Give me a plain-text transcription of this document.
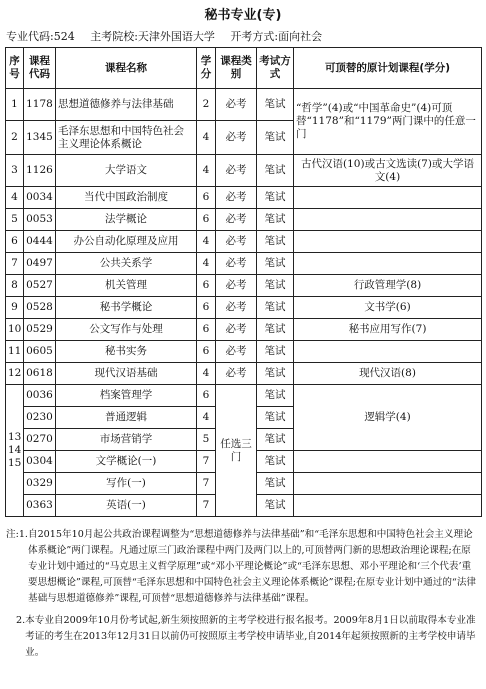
秘书专业(专)
专业代码:524 主考院校:天津外国语大学 开考方式:面向社会
序号	课程代码	课程名称	学分	课程类别	考试方式	可顶替的原计划课程(学分)
1	1178	思想道德修养与法律基础	2	必考	笔试	“哲学”(4)或“中国革命史”(4)可顶替“1178”和“1179”两门课中的任意一门
2	1345	毛泽东思想和中国特色社会主义理论体系概论	4	必考	笔试	
3	1126	大学语文	4	必考	笔试	古代汉语(10)或古文选读(7)或大学语文(4)
4	0034	当代中国政治制度	6	必考	笔试	
5	0053	法学概论	6	必考	笔试	
6	0444	办公自动化原理及应用	4	必考	笔试	
7	0497	公共关系学	4	必考	笔试	
8	0527	机关管理	6	必考	笔试	行政管理学(8)
9	0528	秘书学概论	6	必考	笔试	文书学(6)
10	0529	公文写作与处理	6	必考	笔试	秘书应用写作(7)
11	0605	秘书实务	6	必考	笔试	
12	0618	现代汉语基础	4	必考	笔试	现代汉语(8)
13 14 15	0036	档案管理学	6	任选三门	笔试	逻辑学(4)
	0230	普通逻辑	4		笔试	
	0270	市场营销学	5		笔试	
	0304	文学概论(一)	7		笔试	
	0329	写作(一)	7		笔试	
	0363	英语(一)	7		笔试	
注: 1. 自2015年10月起公共政治课程调整为“思想道德修养与法律基础”和“毛泽东思想和中国特色社会主义理论体系概论”两门课程。凡通过原三门政治课程中两门及两门以上的,可顶替两门新的思想政治理论课程;在原专业计划中通过的“马克思主义哲学原理”或“邓小平理论概论”或“毛泽东思想、邓小平理论和‘三个代表’重要思想概论”课程,可顶替“毛泽东思想和中国特色社会主义理论体系概论”课程;在原专业计划中通过的“法律基础与思想道德修养”课程,可顶替“思想道德修养与法律基础”课程。
2. 本专业自2009年10月份考试起,新生须按照新的主考学校进行报名报考。2009年8月1日以前取得本专业准考证的考生在2013年12月31日以前仍可按照原主考学校申请毕业,自2014年起须按照新的主考学校申请毕业。
